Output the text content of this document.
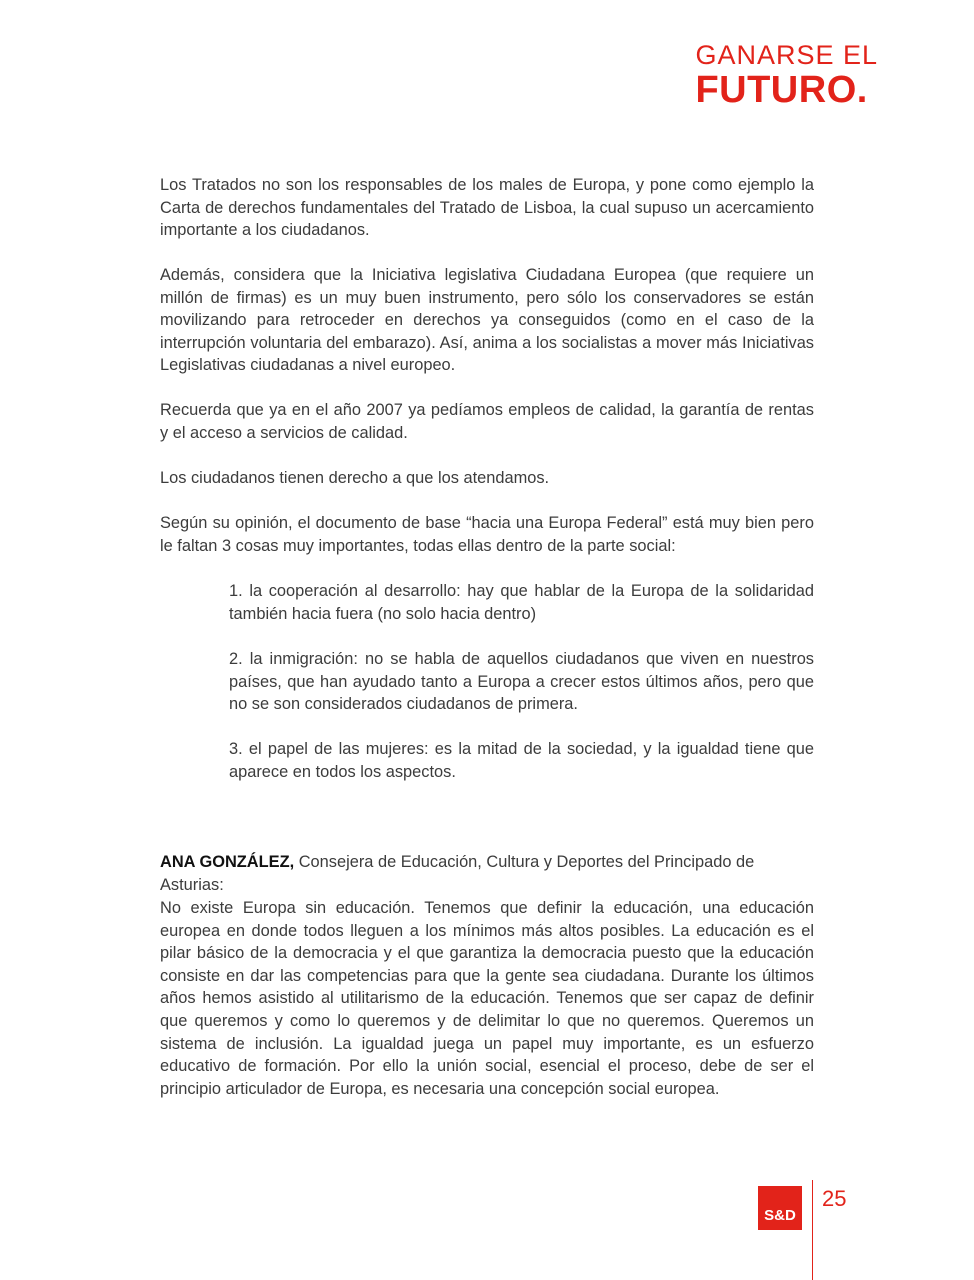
GANARSE EL
FUTURO.

Los Tratados no son los responsables de los males de Europa, y pone como ejemplo la Carta de derechos fundamentales del Tratado de Lisboa, la cual supuso un acercamiento importante a los ciudadanos.

Además, considera que la Iniciativa legislativa Ciudadana Europea (que requiere un millón de firmas) es un muy buen instrumento, pero sólo los conservadores se están movilizando para retroceder en derechos ya conseguidos (como en el caso de la interrupción voluntaria del embarazo). Así, anima a los socialistas a mover más Iniciativas Legislativas ciudadanas a nivel europeo.

Recuerda que ya en el año 2007 ya pedíamos empleos de calidad, la garantía de rentas y el acceso a servicios de calidad.

Los ciudadanos tienen derecho a que los atendamos.

Según su opinión, el documento de base “hacia una Europa Federal” está muy bien pero le faltan 3 cosas muy importantes, todas ellas dentro de la parte social:

1. la cooperación al desarrollo: hay que hablar de la Europa de la solidaridad también hacia fuera (no solo hacia dentro)

2. la inmigración: no se habla de aquellos ciudadanos que viven en nuestros países, que han ayudado tanto a Europa a crecer estos últimos años, pero que no se son considerados ciudadanos de primera.

3. el papel de las mujeres: es la mitad de la sociedad, y la igualdad tiene que aparece en todos los aspectos.

ANA GONZÁLEZ, Consejera de Educación, Cultura y Deportes del Principado de Asturias:

No existe Europa sin educación. Tenemos que definir la educación, una educación europea en donde todos lleguen a los mínimos más altos posibles. La educación es el pilar básico de la democracia y el que garantiza la democracia puesto que la educación consiste en dar las competencias para que la gente sea ciudadana. Durante los últimos años hemos asistido al utilitarismo de la educación. Tenemos que ser capaz de definir que queremos y como lo queremos y de delimitar lo que no queremos. Queremos un sistema de inclusión. La igualdad juega un papel muy importante, es un esfuerzo educativo de formación. Por ello la unión social, esencial el proceso, debe de ser el principio articulador de Europa, es necesaria una concepción social europea.

S&D
25
